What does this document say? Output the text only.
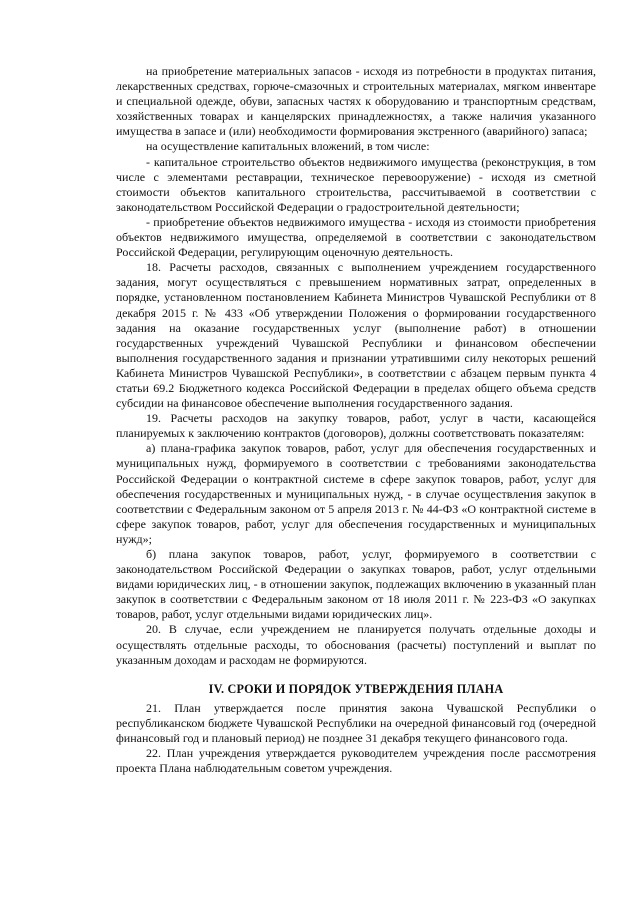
на приобретение материальных запасов - исходя из потребности в продуктах питания, лекарственных средствах, горюче-смазочных и строительных материалах, мягком инвентаре и специальной одежде, обуви, запасных частях к оборудованию и транспортным средствам, хозяйственных товарах и канцелярских принадлежностях, а также наличия указанного имущества в запасе и (или) необходимости формирования экстренного (аварийного) запаса;

на осуществление капитальных вложений, в том числе:

- капитальное строительство объектов недвижимого имущества (реконструкция, в том числе с элементами реставрации, техническое перевооружение) - исходя из сметной стоимости объектов капитального строительства, рассчитываемой в соответствии с законодательством Российской Федерации о градостроительной деятельности;

- приобретение объектов недвижимого имущества - исходя из стоимости приобретения объектов недвижимого имущества, определяемой в соответствии с законодательством Российской Федерации, регулирующим оценочную деятельность.

18. Расчеты расходов, связанных с выполнением учреждением государственного задания, могут осуществляться с превышением нормативных затрат, определенных в порядке, установленном постановлением Кабинета Министров Чувашской Республики от 8 декабря 2015 г. № 433 «Об утверждении Положения о формировании государственного задания на оказание государственных услуг (выполнение работ) в отношении государственных учреждений Чувашской Республики и финансовом обеспечении выполнения государственного задания и признании утратившими силу некоторых решений Кабинета Министров Чувашской Республики», в соответствии с абзацем первым пункта 4 статьи 69.2 Бюджетного кодекса Российской Федерации в пределах общего объема средств субсидии на финансовое обеспечение выполнения государственного задания.

19. Расчеты расходов на закупку товаров, работ, услуг в части, касающейся планируемых к заключению контрактов (договоров), должны соответствовать показателям:

а) плана-графика закупок товаров, работ, услуг для обеспечения государственных и муниципальных нужд, формируемого в соответствии с требованиями законодательства Российской Федерации о контрактной системе в сфере закупок товаров, работ, услуг для обеспечения государственных и муниципальных нужд, - в случае осуществления закупок в соответствии с Федеральным законом от 5 апреля 2013 г. № 44-ФЗ «О контрактной системе в сфере закупок товаров, работ, услуг для обеспечения государственных и муниципальных нужд»;

б) плана закупок товаров, работ, услуг, формируемого в соответствии с законодательством Российской Федерации о закупках товаров, работ, услуг отдельными видами юридических лиц, - в отношении закупок, подлежащих включению в указанный план закупок в соответствии с Федеральным законом от 18 июля 2011 г. № 223-ФЗ «О закупках товаров, работ, услуг отдельными видами юридических лиц».

20. В случае, если учреждением не планируется получать отдельные доходы и осуществлять отдельные расходы, то обоснования (расчеты) поступлений и выплат по указанным доходам и расходам не формируются.

IV. СРОКИ И ПОРЯДОК УТВЕРЖДЕНИЯ ПЛАНА

21. План утверждается после принятия закона Чувашской Республики о республиканском бюджете Чувашской Республики на очередной финансовый год (очередной финансовый год и плановый период) не позднее 31 декабря текущего финансового года.

22. План учреждения утверждается руководителем учреждения после рассмотрения проекта Плана наблюдательным советом учреждения.
